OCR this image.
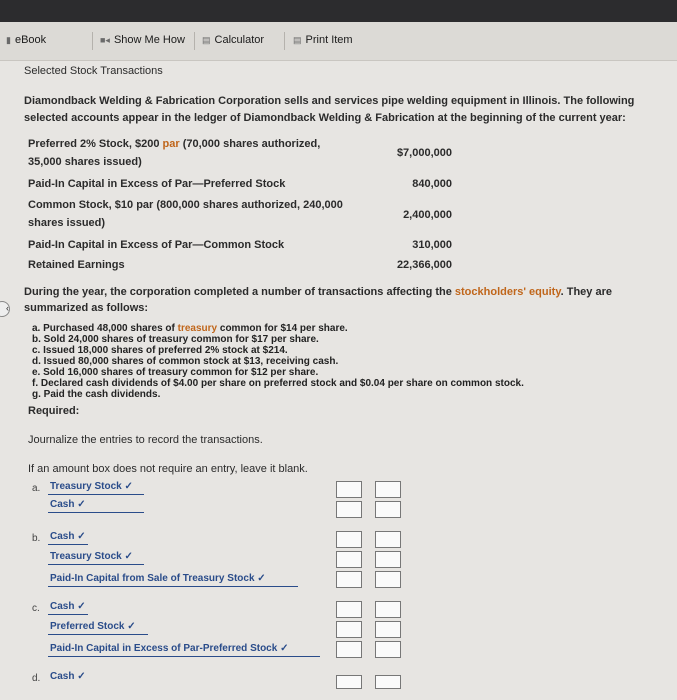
▮ eBook	■◂ Show Me How ▤ Calculator	▤ Print Item
‹
Selected Stock Transactions
Diamondback Welding & Fabrication Corporation sells and services pipe welding equipment in Illinois. The following
selected accounts appear in the ledger of Diamondback Welding & Fabrication at the beginning of the current year:
Preferred 2% Stock, $200 par (70,000 shares authorized,
35,000 shares issued)
$7,000,000
Paid-In Capital in Excess of Par—Preferred Stock	840,000
Common Stock, $10 par (800,000 shares authorized, 240,000
shares issued)
2,400,000
Paid-In Capital in Excess of Par—Common Stock	310,000
Retained Earnings	22,366,000
During the year, the corporation completed a number of transactions affecting the stockholders' equity. They are
summarized as follows:
a. Purchased 48,000 shares of treasury common for $14 per share.
b. Sold 24,000 shares of treasury common for $17 per share.
c. Issued 18,000 shares of preferred 2% stock at $214.
d. Issued 80,000 shares of common stock at $13, receiving cash.
e. Sold 16,000 shares of treasury common for $12 per share.
f. Declared cash dividends of $4.00 per share on preferred stock and $0.04 per share on common stock.
g. Paid the cash dividends.
Required:
Journalize the entries to record the transactions.
If an amount box does not require an entry, leave it blank.
a. Treasury Stock ✓
Cash ✓
b. Cash ✓
Treasury Stock ✓
Paid-In Capital from Sale of Treasury Stock ✓
c. Cash ✓
Preferred Stock ✓
Paid-In Capital in Excess of Par-Preferred Stock ✓
d. Cash ✓
